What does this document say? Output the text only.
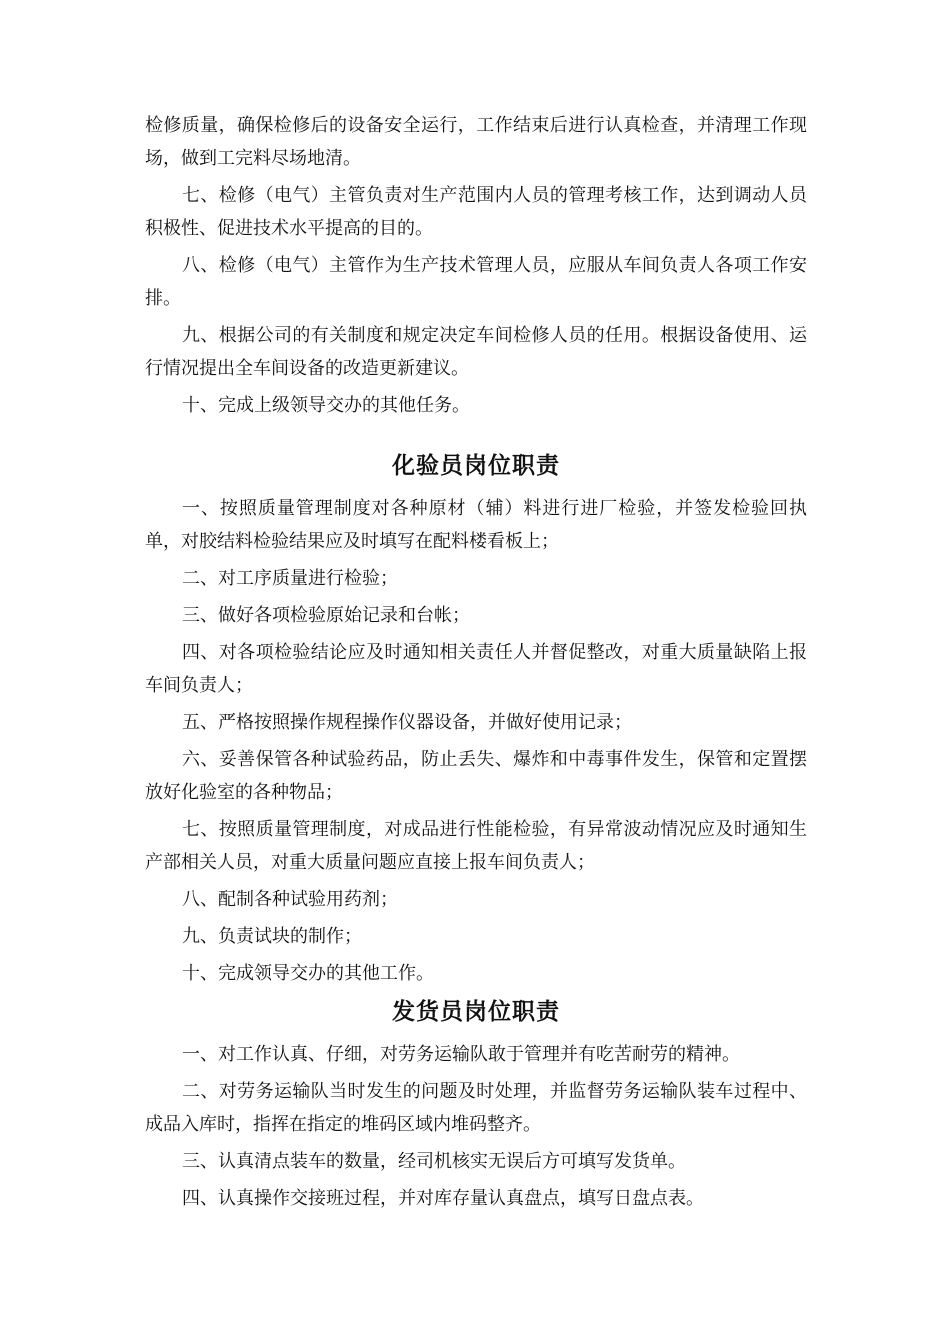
检修质量，确保检修后的设备安全运行，工作结束后进行认真检查，并清理工作现场，做到工完料尽场地清。

七、检修（电气）主管负责对生产范围内人员的管理考核工作，达到调动人员积极性、促进技术水平提高的目的。

八、检修（电气）主管作为生产技术管理人员，应服从车间负责人各项工作安排。

九、根据公司的有关制度和规定决定车间检修人员的任用。根据设备使用、运行情况提出全车间设备的改造更新建议。

十、完成上级领导交办的其他任务。

化验员岗位职责

一、按照质量管理制度对各种原材（辅）料进行进厂检验，并签发检验回执单，对胶结料检验结果应及时填写在配料楼看板上；

二、对工序质量进行检验；

三、做好各项检验原始记录和台帐；

四、对各项检验结论应及时通知相关责任人并督促整改，对重大质量缺陷上报车间负责人；

五、严格按照操作规程操作仪器设备，并做好使用记录；

六、妥善保管各种试验药品，防止丢失、爆炸和中毒事件发生，保管和定置摆放好化验室的各种物品；

七、按照质量管理制度，对成品进行性能检验，有异常波动情况应及时通知生产部相关人员，对重大质量问题应直接上报车间负责人；

八、配制各种试验用药剂；

九、负责试块的制作；

十、完成领导交办的其他工作。

发货员岗位职责

一、对工作认真、仔细，对劳务运输队敢于管理并有吃苦耐劳的精神。

二、对劳务运输队当时发生的问题及时处理，并监督劳务运输队装车过程中、成品入库时，指挥在指定的堆码区域内堆码整齐。

三、认真清点装车的数量，经司机核实无误后方可填写发货单。

四、认真操作交接班过程，并对库存量认真盘点，填写日盘点表。
